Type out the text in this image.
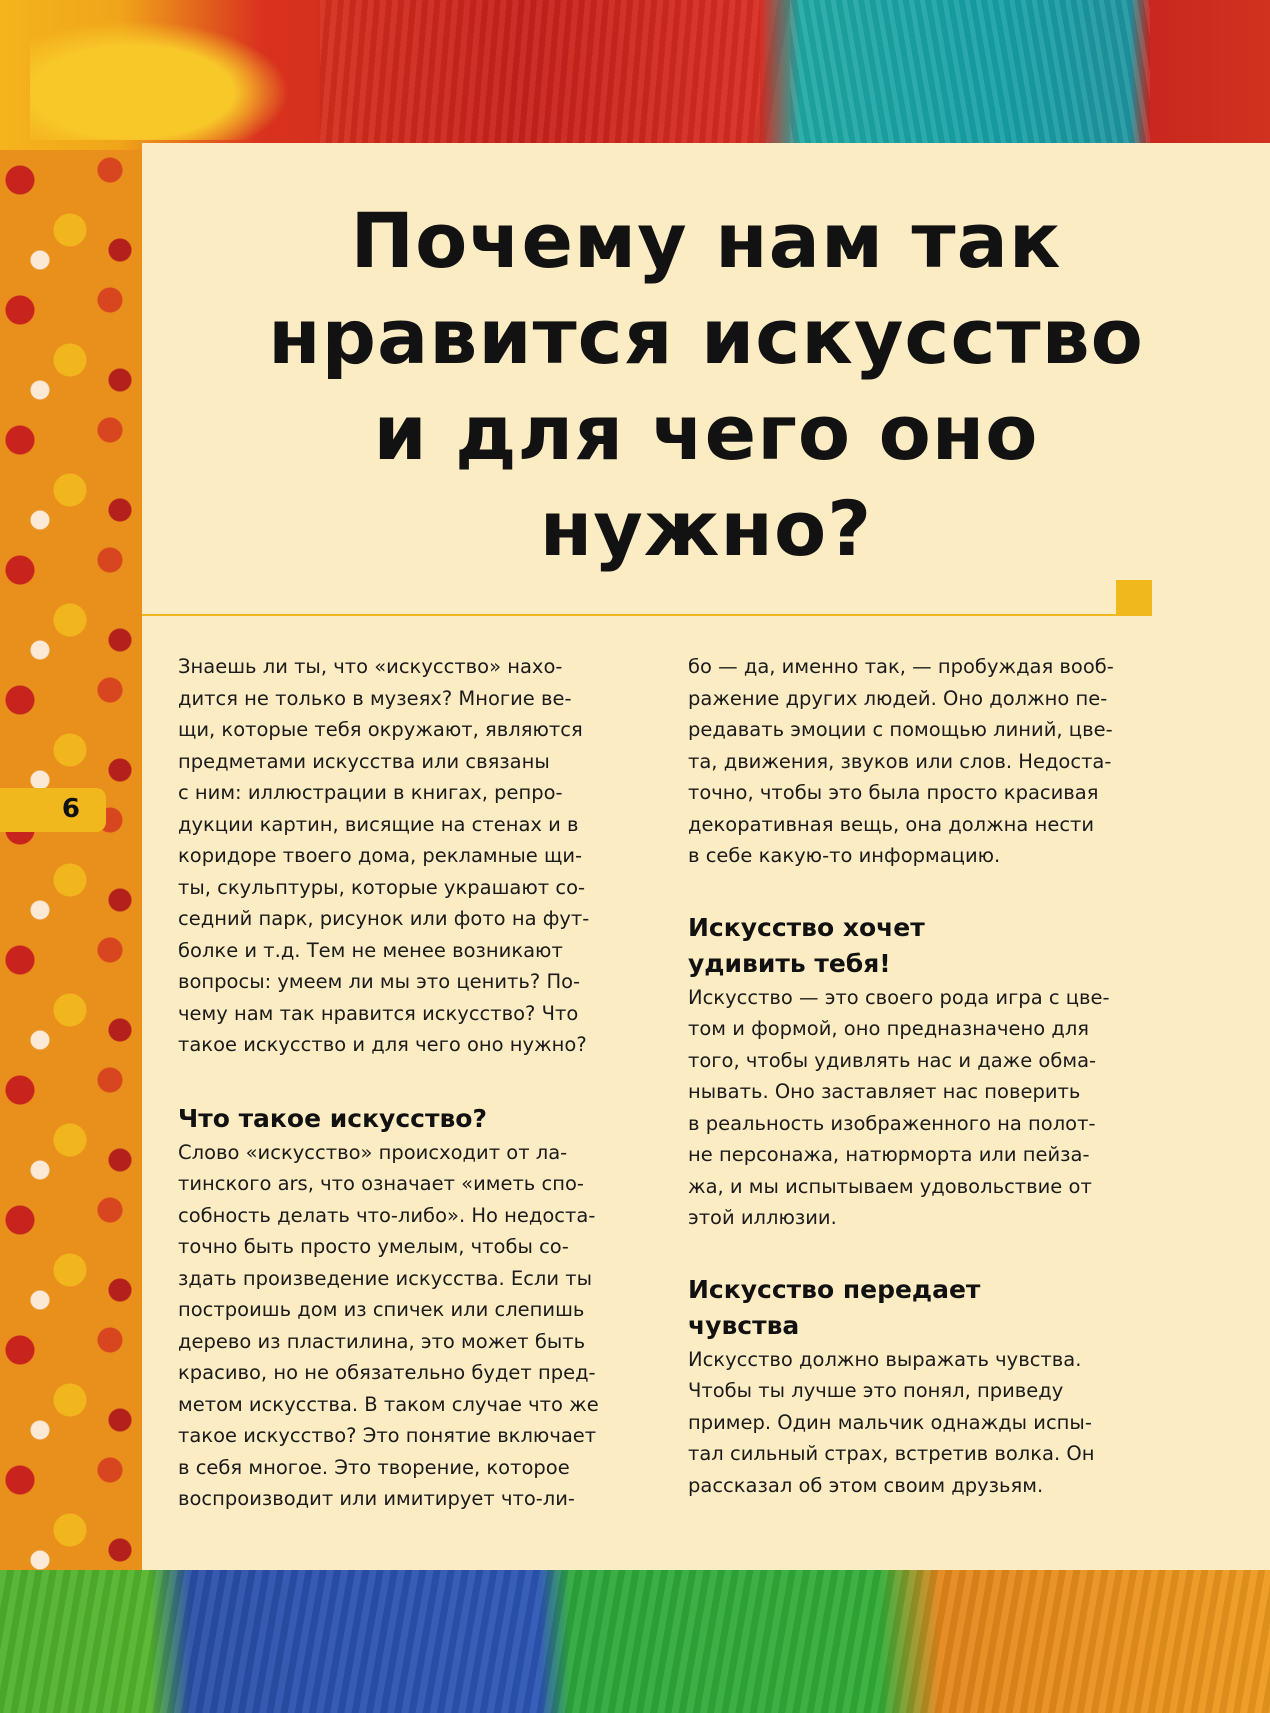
Почему нам так
нравится искусство
и для чего оно
нужно?

Знаешь ли ты, что «искусство» нахо-
дится не только в музеях? Многие ве-
щи, которые тебя окружают, являются
предметами искусства или связаны
с ним: иллюстрации в книгах, репро-
дукции картин, висящие на стенах и в
коридоре твоего дома, рекламные щи-
ты, скульптуры, которые украшают со-
седний парк, рисунок или фото на фут-
болке и т.д. Тем не менее возникают
вопросы: умеем ли мы это ценить? По-
чему нам так нравится искусство? Что
такое искусство и для чего оно нужно?

Что такое искусство?

Слово «искусство» происходит от ла-
тинского ars, что означает «иметь спо-
собность делать что-либо». Но недоста-
точно быть просто умелым, чтобы со-
здать произведение искусства. Если ты
построишь дом из спичек или слепишь
дерево из пластилина, это может быть
красиво, но не обязательно будет пред-
метом искусства. В таком случае что же
такое искусство? Это понятие включает
в себя многое. Это творение, которое
воспроизводит или имитирует что-ли-

бо — да, именно так, — пробуждая вооб-
ражение других людей. Оно должно пе-
редавать эмоции с помощью линий, цве-
та, движения, звуков или слов. Недоста-
точно, чтобы это была просто красивая
декоративная вещь, она должна нести
в себе какую-то информацию.

Искусство хочет
удивить тебя!

Искусство — это своего рода игра с цве-
том и формой, оно предназначено для
того, чтобы удивлять нас и даже обма-
нывать. Оно заставляет нас поверить
в реальность изображенного на полот-
не персонажа, натюрморта или пейза-
жа, и мы испытываем удовольствие от
этой иллюзии.

Искусство передает
чувства

Искусство должно выражать чувства.
Чтобы ты лучше это понял, приведу
пример. Один мальчик однажды испы-
тал сильный страх, встретив волка. Он
рассказал об этом своим друзьям.

6
